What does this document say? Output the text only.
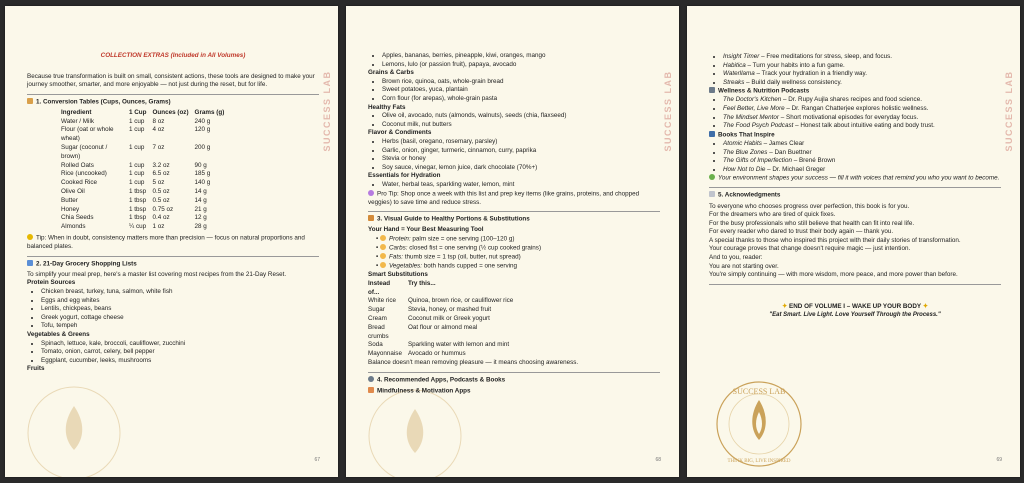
SUCCESS LAB
COLLECTION EXTRAS (Included in All Volumes)
Because true transformation is built on small, consistent actions, these tools are designed to make your journey smoother, smarter, and more enjoyable — not just during the reset, but for life.
1. Conversion Tables (Cups, Ounces, Grams)
Ingredient	1 Cup	Ounces (oz)	Grams (g)
Water / Milk	1 cup	8 oz	240 g
Flour (oat or whole wheat)	1 cup	4 oz	120 g
Sugar (coconut / brown)	1 cup	7 oz	200 g
Rolled Oats	1 cup	3.2 oz	90 g
Rice (uncooked)	1 cup	6.5 oz	185 g
Cooked Rice	1 cup	5 oz	140 g
Olive Oil	1 tbsp	0.5 oz	14 g
Butter	1 tbsp	0.5 oz	14 g
Honey	1 tbsp	0.75 oz	21 g
Chia Seeds	1 tbsp	0.4 oz	12 g
Almonds	¼ cup	1 oz	28 g
Tip: When in doubt, consistency matters more than precision — focus on natural proportions and balanced plates.
2. 21-Day Grocery Shopping Lists
To simplify your meal prep, here's a master list covering most recipes from the 21-Day Reset.
Protein Sources
• Chicken breast, turkey, tuna, salmon, white fish
• Eggs and egg whites
• Lentils, chickpeas, beans
• Greek yogurt, cottage cheese
• Tofu, tempeh
Vegetables & Greens
• Spinach, lettuce, kale, broccoli, cauliflower, zucchini
• Tomato, onion, carrot, celery, bell pepper
• Eggplant, cucumber, leeks, mushrooms
Fruits
67
SUCCESS LAB
• Apples, bananas, berries, pineapple, kiwi, oranges, mango
• Lemons, lulo (or passion fruit), papaya, avocado
Grains & Carbs
• Brown rice, quinoa, oats, whole-grain bread
• Sweet potatoes, yuca, plantain
• Corn flour (for arepas), whole-grain pasta
Healthy Fats
• Olive oil, avocado, nuts (almonds, walnuts), seeds (chia, flaxseed)
• Coconut milk, nut butters
Flavor & Condiments
• Herbs (basil, oregano, rosemary, parsley)
• Garlic, onion, ginger, turmeric, cinnamon, curry, paprika
• Stevia or honey
• Soy sauce, vinegar, lemon juice, dark chocolate (70%+)
Essentials for Hydration
• Water, herbal teas, sparkling water, lemon, mint
Pro Tip: Shop once a week with this list and prep key items (like grains, proteins, and chopped veggies) to save time and reduce stress.
3. Visual Guide to Healthy Portions & Substitutions
Your Hand = Your Best Measuring Tool
• Protein: palm size = one serving (100–120 g)
• Carbs: closed fist = one serving (½ cup cooked grains)
• Fats: thumb size = 1 tsp (oil, butter, nut spread)
• Vegetables: both hands cupped = one serving
Smart Substitutions
Instead of...	Try this...
White rice	Quinoa, brown rice, or cauliflower rice
Sugar	Stevia, honey, or mashed fruit
Cream	Coconut milk or Greek yogurt
Bread crumbs	Oat flour or almond meal
Soda	Sparkling water with lemon and mint
Mayonnaise	Avocado or hummus
Balance doesn't mean removing pleasure — it means choosing awareness.
4. Recommended Apps, Podcasts & Books
Mindfulness & Motivation Apps
68
SUCCESS LAB
• Insight Timer – Free meditations for stress, sleep, and focus.
• Habitica – Turn your habits into a fun game.
• Waterllama – Track your hydration in a friendly way.
• Streaks – Build daily wellness consistency.
Wellness & Nutrition Podcasts
• The Doctor's Kitchen – Dr. Rupy Aujla shares recipes and food science.
• Feel Better, Live More – Dr. Rangan Chatterjee explores holistic wellness.
• The Mindset Mentor – Short motivational episodes for everyday focus.
• The Food Psych Podcast – Honest talk about intuitive eating and body trust.
Books That Inspire
• Atomic Habits – James Clear
• The Blue Zones – Dan Buettner
• The Gifts of Imperfection – Brené Brown
• How Not to Die – Dr. Michael Greger
Your environment shapes your success — fill it with voices that remind you who you want to become.
5. Acknowledgments
To everyone who chooses progress over perfection, this book is for you.
For the dreamers who are tired of quick fixes.
For the busy professionals who still believe that health can fit into real life.
For every reader who dared to trust their body again — thank you.
A special thanks to those who inspired this project with their daily stories of transformation.
Your courage proves that change doesn't require magic — just intention.
And to you, reader:
You are not starting over.
You're simply continuing — with more wisdom, more peace, and more power than before.
✦ END OF VOLUME I – WAKE UP YOUR BODY ✦
"Eat Smart. Live Light. Love Yourself Through the Process."
SUCCESS LAB
THINK BIG, LIVE INSPIRED	69
